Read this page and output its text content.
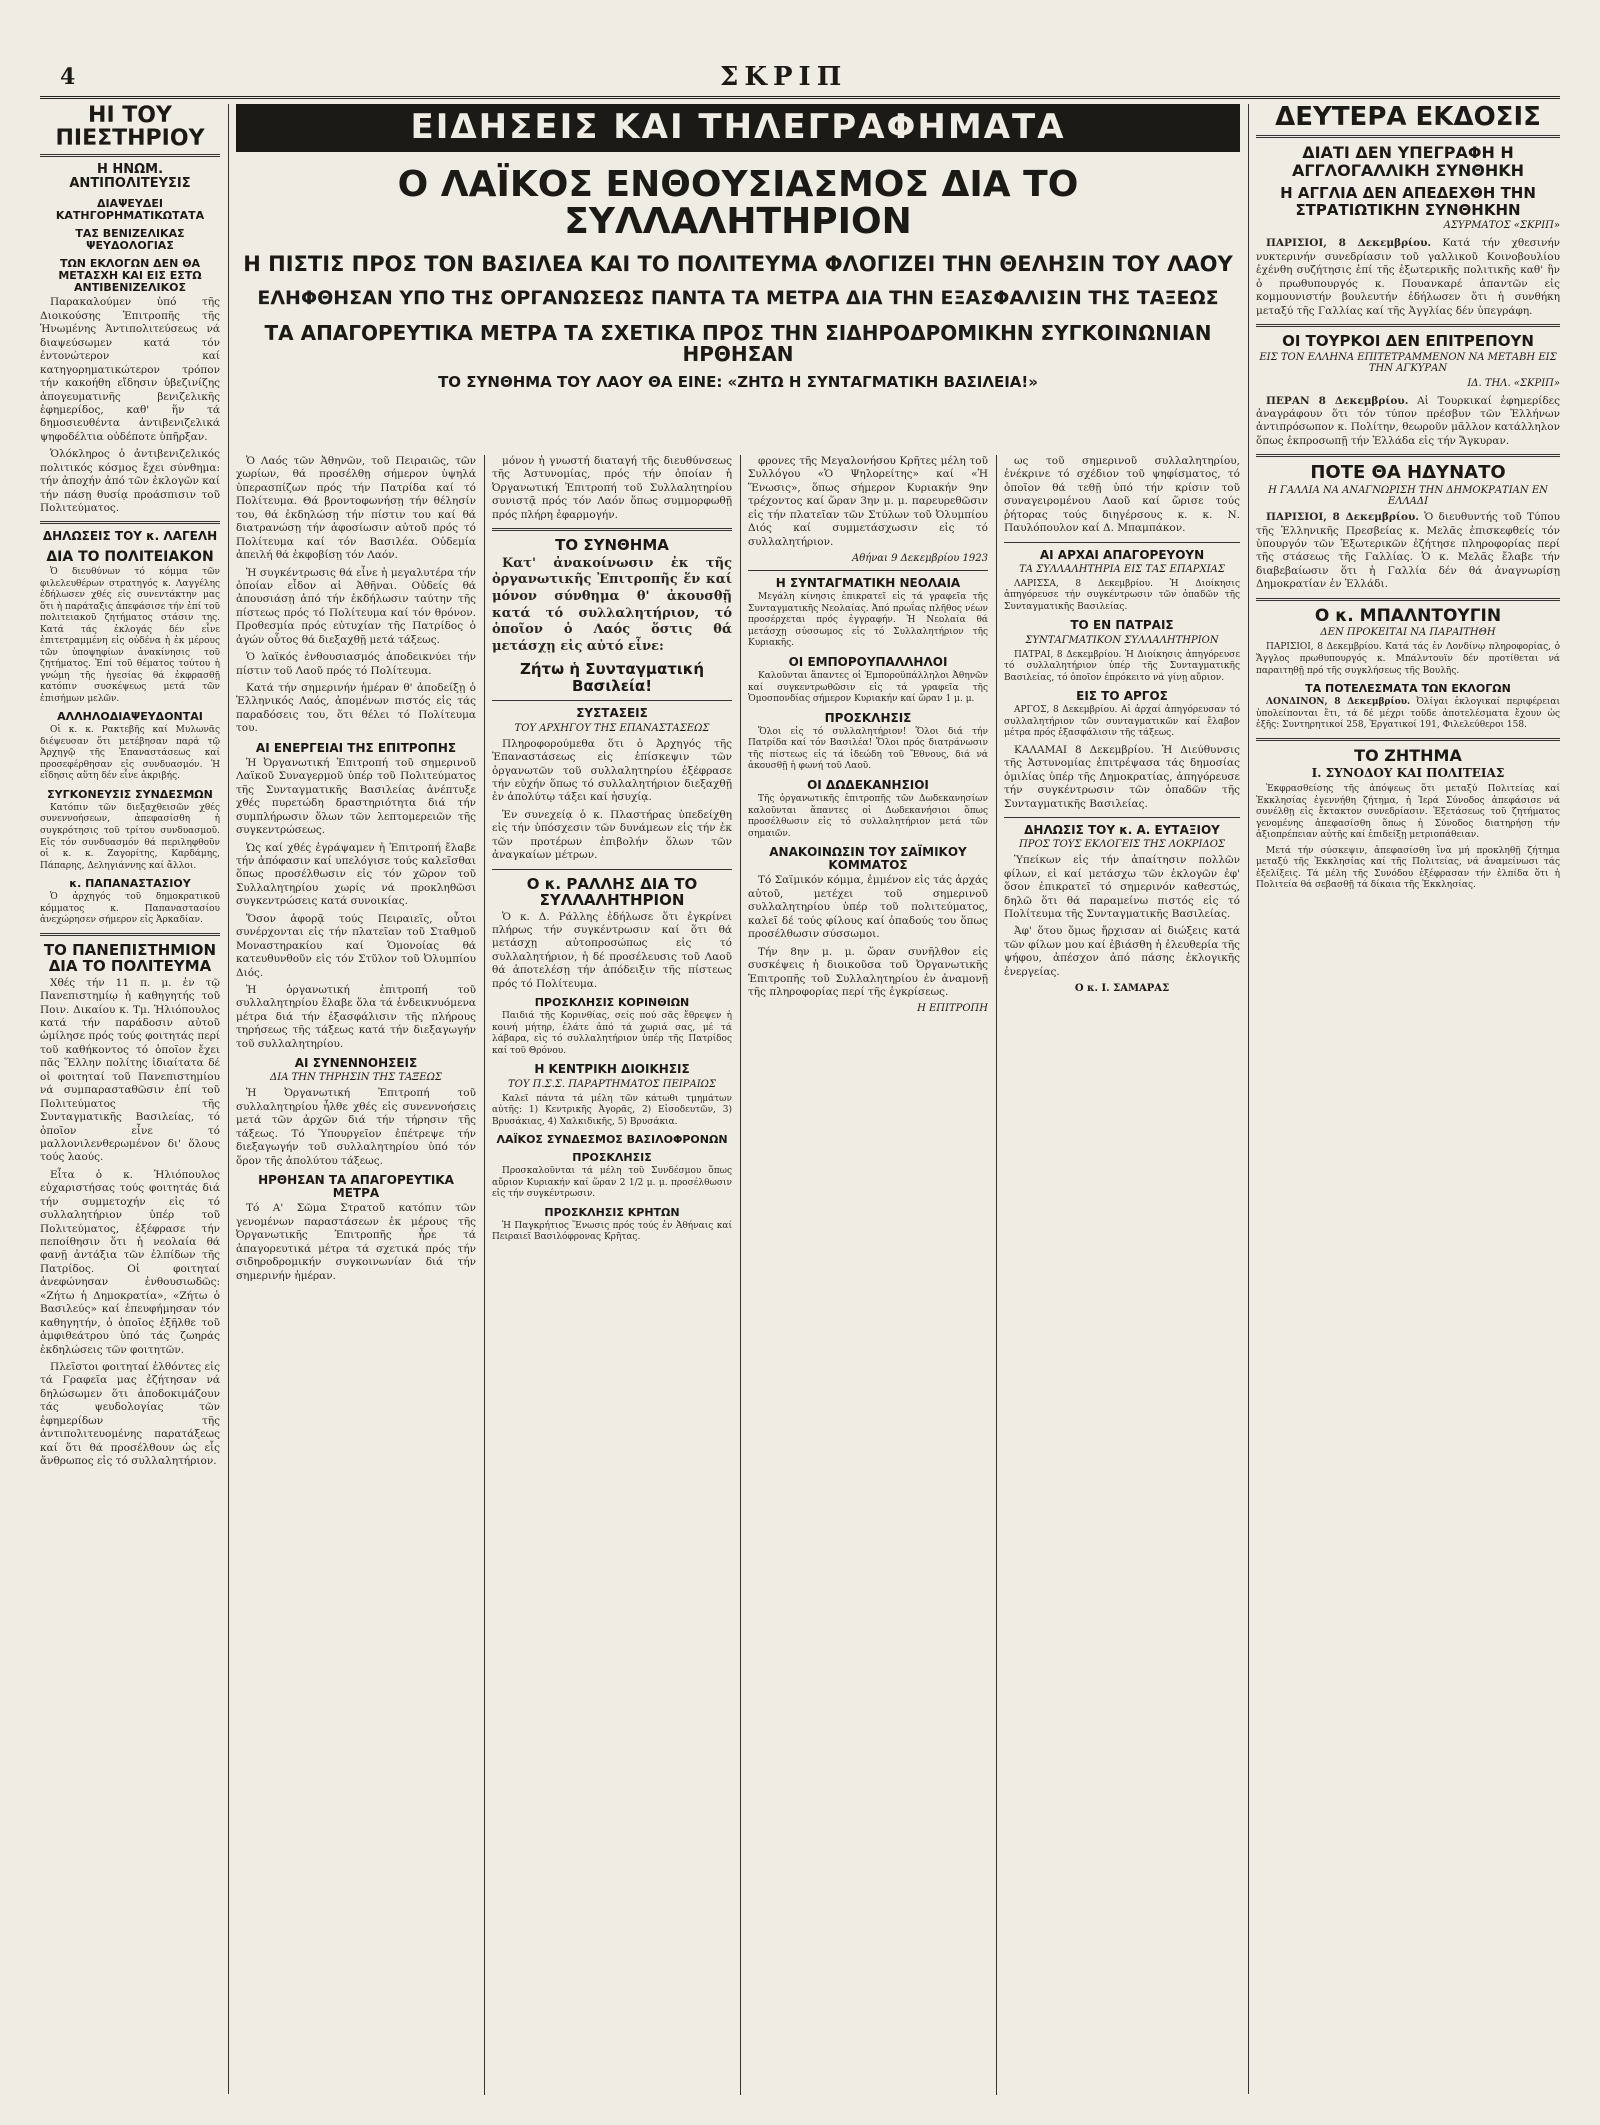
4	ΣΚΡΙΠ
ΗΙ ΤΟΥ ΠΙΕΣΤΗΡΙΟΥ
Η ΗΝΩΜ. ΑΝΤΙΠΟΛΙΤΕΥΣΙΣ
ΔΙΑΨΕΥΔΕΙ ΚΑΤΗΓΟΡΗΜΑΤΙΚΩΤΑΤΑ
ΤΑΣ ΒΕΝΙΖΕΛΙΚΑΣ ΨΕΥΔΟΛΟΓΙΑΣ
ΤΩΝ ΕΚΛΟΓΩΝ ΔΕΝ ΘΑ ΜΕΤΑΣΧΗ ΚΑΙ ΕΙΣ ΕΣΤΩ ΑΝΤΙΒΕΝΙΖΕΛΙΚΟΣ
Παρακαλούμεν ὑπό τῆς Διοικούσης Ἐπιτροπῆς τῆς Ἡνωμένης Ἀντιπολιτεύσεως νά διαψεύσωμεν κατά τόν ἐντονώτερον καί κατηγορηματικώτερον τρόπον τήν κακοήθη εἴδησιν ὑβεζινίζης ἀπογευματινῆς βενιζελικῆς ἐφημερίδος, καθ' ἥν τά δημοσιευθέντα ἀντιβενιζελικά ψηφοδέλτια οὐδέποτε ὑπῆρξαν.
Ὁλόκληρος ὁ ἀντιβενιζελικός πολιτικός κόσμος ἔχει σύνθημα: τήν ἀποχήν ἀπό τῶν ἐκλογῶν καί τήν πάσῃ θυσίᾳ προάσπισιν τοῦ Πολιτεύματος.
ΔΗΛΩΣΕΙΣ ΤΟΥ κ. ΛΑΓΕΛΗ
ΔΙΑ ΤΟ ΠΟΛΙΤΕΙΑΚΟΝ
Ὁ διευθύνων τό κόμμα τῶν φιλελευθέρων στρατηγός κ. Λαγγέλης ἐδήλωσεν χθές εἰς συνεντάκτην μας ὅτι ἡ παράταξις ἀπεφάσισε τήν ἐπί τοῦ πολιτειακοῦ ζητήματος στάσιν της. Κατά τάς ἐκλογάς δέν εἶνε ἐπιτετραμμένη εἰς οὐδένα ἡ ἐκ μέρους τῶν ὑποψηφίων ἀνακίνησις τοῦ ζητήματος. Ἐπί τοῦ θέματος τούτου ἡ γνώμη τῆς ἡγεσίας θά ἐκφρασθῇ κατόπιν συσκέψεως μετά τῶν ἐπισήμων μελῶν.
ΑΛΛΗΛΟΔΙΑΨΕΥΔΟΝΤΑΙ
Οἱ κ. κ. Ρακτεβῆς καί Μυλωνᾶς διέψευσαν ὅτι μετέβησαν παρά τῷ Ἀρχηγῷ τῆς Ἐπαναστάσεως καί προσεφέρθησαν εἰς συνδυασμόν. Ἡ εἴδησις αὕτη δέν εἶνε ἀκριβής.
ΣΥΓΚΟΝΕΥΣΙΣ ΣΥΝΔΕΣΜΩΝ
Κατόπιν τῶν διεξαχθεισῶν χθές συνεννοήσεων, ἀπεφασίσθη ἡ συγκρότησις τοῦ τρίτου συνδυασμοῦ. Εἰς τόν συνδυασμόν θά περιληφθοῦν οἱ κ. κ. Ζαγορίτης, Καρδάμης, Πάπαρης, Δεληγιάννης καί ἄλλοι.
κ. ΠΑΠΑΝΑΣΤΑΣΙΟΥ
Ὁ ἀρχηγός τοῦ δημοκρατικοῦ κόμματος κ. Παπαναστασίου ἀνεχώρησεν σήμερον εἰς Ἀρκαδίαν.
ΤΟ ΠΑΝΕΠΙΣΤΗΜΙΟΝ ΔΙΑ ΤΟ ΠΟΛΙΤΕΥΜΑ
Χθές τήν 11 π. μ. ἐν τῷ Πανεπιστημίῳ ἡ καθηγητής τοῦ Ποιν. Δικαίου κ. Τμ. Ἡλιόπουλος κατά τήν παράδοσιν αὐτοῦ ὡμίλησε πρός τούς φοιτητάς περί τοῦ καθήκοντος τό ὁποῖον ἔχει πᾶς Ἕλλην πολίτης ἰδιαίτατα δέ οἱ φοιτηταί τοῦ Πανεπιστημίου νά συμπαρασταθῶσιν ἐπί τοῦ Πολιτεύματος τῆς Συνταγματικῆς Βασιλείας, τό ὁποῖον εἶνε τό μαλλονιλενθερωμένον δι' ὅλους τούς λαούς.
Εἶτα ὁ κ. Ἡλιόπουλος εὐχαριστήσας τούς φοιτητάς διά τήν συμμετοχήν εἰς τό συλλαλητήριον ὑπέρ τοῦ Πολιτεύματος, ἐξέφρασε τήν πεποίθησιν ὅτι ἡ νεολαία θά φανῇ ἀντάξια τῶν ἐλπίδων τῆς Πατρίδος. Οἱ φοιτηταί ἀνεφώνησαν ἐνθουσιωδῶς: «Ζήτω ἡ Δημοκρατία», «Ζήτω ὁ Βασιλεύς» καί ἐπευφήμησαν τόν καθηγητήν, ὁ ὁποῖος ἐξῆλθε τοῦ ἀμφιθεάτρου ὑπό τάς ζωηράς ἐκδηλώσεις τῶν φοιτητῶν.
Πλεῖστοι φοιτηταί ἐλθόντες εἰς τά Γραφεῖα μας ἐζήτησαν νά δηλώσωμεν ὅτι ἀποδοκιμάζουν τάς ψευδολογίας τῶν ἐφημερίδων τῆς ἀντιπολιτευομένης παρατάξεως καί ὅτι θά προσέλθουν ὡς εἷς ἄνθρωπος εἰς τό συλλαλητήριον.
ΕΙΔΗΣΕΙΣ ΚΑΙ ΤΗΛΕΓΡΑΦΗΜΑΤΑ
Ο ΛΑΪΚΟΣ ΕΝΘΟΥΣΙΑΣΜΟΣ ΔΙΑ ΤΟ ΣΥΛΛΑΛΗΤΗΡΙΟΝ
Η ΠΙΣΤΙΣ ΠΡΟΣ ΤΟΝ ΒΑΣΙΛΕΑ ΚΑΙ ΤΟ ΠΟΛΙΤΕΥΜΑ ΦΛΟΓΙΖΕΙ ΤΗΝ ΘΕΛΗΣΙΝ ΤΟΥ ΛΑΟΥ
ΕΛΗΦΘΗΣΑΝ ΥΠΟ ΤΗΣ ΟΡΓΑΝΩΣΕΩΣ ΠΑΝΤΑ ΤΑ ΜΕΤΡΑ ΔΙΑ ΤΗΝ ΕΞΑΣΦΑΛΙΣΙΝ ΤΗΣ ΤΑΞΕΩΣ
ΤΑ ΑΠΑΓΟΡΕΥΤΙΚΑ ΜΕΤΡΑ ΤΑ ΣΧΕΤΙΚΑ ΠΡΟΣ ΤΗΝ ΣΙΔΗΡΟΔΡΟΜΙΚΗΝ ΣΥΓΚΟΙΝΩΝΙΑΝ ΗΡΘΗΣΑΝ
ΤΟ ΣΥΝΘΗΜΑ ΤΟΥ ΛΑΟΥ ΘΑ ΕΙΝΕ: «ΖΗΤΩ Η ΣΥΝΤΑΓΜΑΤΙΚΗ ΒΑΣΙΛΕΙΑ!»
Ὁ Λαός τῶν Ἀθηνῶν, τοῦ Πειραιῶς, τῶν χωρίων, θά προσέλθῃ σήμερον ὑψηλά ὑπερασπίζων πρός τήν Πατρίδα καί τό Πολίτευμα. Θά βροντοφωνήσῃ τήν θέλησίν του, θά ἐκδηλώσῃ τήν πίστιν του καί θά διατρανώσῃ τήν ἀφοσίωσιν αὐτοῦ πρός τό Πολίτευμα καί τόν Βασιλέα. Οὐδεμία ἀπειλή θά ἐκφοβίσῃ τόν Λαόν.
Ἡ συγκέντρωσις θά εἶνε ἡ μεγαλυτέρα τήν ὁποίαν εἶδον αἱ Ἀθῆναι. Οὐδείς θά ἀπουσιάσῃ ἀπό τήν ἐκδήλωσιν ταύτην τῆς πίστεως πρός τό Πολίτευμα καί τόν θρόνον. Προθεσμία πρός εὐτυχίαν τῆς Πατρίδος ὁ ἀγών οὗτος θά διεξαχθῇ μετά τάξεως.
Ὁ λαϊκός ἐνθουσιασμός ἀποδεικνύει τήν πίστιν τοῦ Λαοῦ πρός τό Πολίτευμα.
Κατά τήν σημερινήν ἡμέραν θ' ἀποδείξῃ ὁ Ἑλληνικός Λαός, ἀπομένων πιστός εἰς τάς παραδόσεις του, ὅτι θέλει τό Πολίτευμα του.
ΑΙ ΕΝΕΡΓΕΙΑΙ ΤΗΣ ΕΠΙΤΡΟΠΗΣ
Ἡ Ὀργανωτική Ἐπιτροπή τοῦ σημερινοῦ Λαϊκοῦ Συναγερμοῦ ὑπέρ τοῦ Πολιτεύματος τῆς Συνταγματικῆς Βασιλείας ἀνέπτυξε χθές πυρετώδη δραστηριότητα διά τήν συμπλήρωσιν ὅλων τῶν λεπτομερειῶν τῆς συγκεντρώσεως.
Ὡς καί χθές ἐγράψαμεν ἡ Ἐπιτροπή ἔλαβε τήν ἀπόφασιν καί υπελόγισε τούς καλεῖσθαι ὅπως προσέλθωσιν εἰς τόν χῶρον τοῦ Συλλαλητηρίου χωρίς νά προκληθῶσι συγκεντρώσεις κατά συνοικίας.
Ὅσον ἀφορᾷ τούς Πειραιεῖς, οὗτοι συνέρχονται εἰς τήν πλατεῖαν τοῦ Σταθμοῦ Μοναστηρακίου καί Ὁμονοίας θά κατευθυνθοῦν εἰς τόν Στῦλον τοῦ Ὀλυμπίου Διός.
Ἡ ὀργανωτική ἐπιτροπή τοῦ συλλαλητηρίου ἔλαβε ὅλα τά ἐνδεικνυόμενα μέτρα διά τήν ἐξασφάλισιν τῆς πλήρους τηρήσεως τῆς τάξεως κατά τήν διεξαγωγήν τοῦ συλλαλητηρίου.
ΑΙ ΣΥΝΕΝΝΟΗΣΕΙΣ
ΔΙΑ ΤΗΝ ΤΗΡΗΣΙΝ ΤΗΣ ΤΑΞΕΩΣ
Ἡ Ὀργανωτική Ἐπιτροπή τοῦ συλλαλητηρίου ἦλθε χθές εἰς συνεννοήσεις μετά τῶν ἀρχῶν διά τήν τήρησιν τῆς τάξεως. Τό Ὑπουργεῖον ἐπέτρεψε τήν διεξαγωγήν τοῦ συλλαλητηρίου ὑπό τόν ὅρον τῆς ἀπολύτου τάξεως.
ΗΡΘΗΣΑΝ ΤΑ ΑΠΑΓΟΡΕΥΤΙΚΑ ΜΕΤΡΑ
Τό Α' Σῶμα Στρατοῦ κατόπιν τῶν γενομένων παραστάσεων ἐκ μέρους τῆς Ὀργανωτικῆς Ἐπιτροπῆς ἦρε τά ἀπαγορευτικά μέτρα τά σχετικά πρός τήν σιδηροδρομικήν συγκοινωνίαν διά τήν σημερινήν ἡμέραν.
μόνον ἡ γνωστή διαταγή τῆς διευθύνσεως τῆς Ἀστυνομίας, πρός τήν ὁποίαν ἡ Ὀργανωτική Ἐπιτροπή τοῦ Συλλαλητηρίου συνιστᾷ πρός τόν Λαόν ὅπως συμμορφωθῇ πρός πλήρη ἐφαρμογήν.
ΤΟ ΣΥΝΘΗΜΑ
Κατ' ἀνακοίνωσιν ἐκ τῆς ὀργανωτικῆς Ἐπιτροπῆς ἕν καί μόνον σύνθημα θ' ἀκουσθῇ κατά τό συλλαλητήριον, τό ὁποῖον ὁ Λαός ὅστις θά μετάσχῃ εἰς αὐτό εἶνε:
Ζήτω ἡ Συνταγματική Βασιλεία!
ΣΥΣΤΑΣΕΙΣ
ΤΟΥ ΑΡΧΗΓΟΥ ΤΗΣ ΕΠΑΝΑΣΤΑΣΕΩΣ
Πληροφορούμεθα ὅτι ὁ Ἀρχηγός τῆς Ἐπαναστάσεως εἰς ἐπίσκεψιν τῶν ὀργανωτῶν τοῦ συλλαλητηρίου ἐξέφρασε τήν εὐχήν ὅπως τό συλλαλητήριον διεξαχθῇ ἐν ἀπολύτῳ τάξει καί ἡσυχίᾳ.
Ἐν συνεχείᾳ ὁ κ. Πλαστήρας ὑπεδείχθη εἰς τήν ὑπόσχεσιν τῶν δυνάμεων εἰς τήν ἐκ τῶν προτέρων ἐπιβολήν ὅλων τῶν ἀναγκαίων μέτρων.
Ο κ. ΡΑΛΛΗΣ ΔΙΑ ΤΟ ΣΥΛΛΑΛΗΤΗΡΙΟΝ
Ὁ κ. Δ. Ράλλης ἐδήλωσε ὅτι ἐγκρίνει πλήρως τήν συγκέντρωσιν καί ὅτι θά μετάσχῃ αὐτοπροσώπως εἰς τό συλλαλητήριον, ἡ δέ προσέλευσις τοῦ Λαοῦ θά ἀποτελέσῃ τήν ἀπόδειξιν τῆς πίστεως πρός τό Πολίτευμα.
ΠΡΟΣΚΛΗΣΙΣ ΚΟΡΙΝΘΙΩΝ
Παιδιά τῆς Κορινθίας, σείς πού σᾶς ἔθρεψεν ἡ κοινή μήτηρ, ἐλάτε ἀπό τά χωριά σας, μέ τά λάβαρα, εἰς τό συλλαλητήριον ὑπέρ τῆς Πατρίδος καί τοῦ Θρόνου.
Η ΚΕΝΤΡΙΚΗ ΔΙΟΙΚΗΣΙΣ
ΤΟΥ Π.Σ.Σ. ΠΑΡΑΡΤΗΜΑΤΟΣ ΠΕΙΡΑΙΩΣ
Καλεῖ πάντα τά μέλη τῶν κάτωθι τμημάτων αὐτῆς: 1) Κεντρικῆς Ἀγορᾶς, 2) Εἰσοδευτῶν, 3) Βρυσάκιας, 4) Χαλκιδικῆς, 5) Βρυσάκια.
ΛΑΪΚΟΣ ΣΥΝΔΕΣΜΟΣ ΒΑΣΙΛΟΦΡΟΝΩΝ
ΠΡΟΣΚΛΗΣΙΣ
Προσκαλοῦνται τά μέλη τοῦ Συνδέσμου ὅπως αὔριον Κυριακήν καί ὥραν 2 1/2 μ. μ. προσέλθωσιν εἰς τήν συγκέντρωσιν.
ΠΡΟΣΚΛΗΣΙΣ ΚΡΗΤΩΝ
Ἡ Παγκρήτιος Ἕνωσις πρός τούς ἐν Ἀθήναις καί Πειραιεῖ Βασιλόφρονας Κρῆτας.
φρονες τῆς Μεγαλονήσου Κρῆτες μέλη τοῦ Συλλόγου «Ὁ Ψηλορείτης» καί «Ἡ Ἕνωσις», ὅπως σήμερον Κυριακήν 9ην τρέχοντος καί ὥραν 3ην μ. μ. παρευρεθῶσιν εἰς τήν πλατεῖαν τῶν Στύλων τοῦ Ὀλυμπίου Διός καί συμμετάσχωσιν εἰς τό συλλαλητήριον.
Αθήναι 9 Δεκεμβρίου 1923
Η ΣΥΝΤΑΓΜΑΤΙΚΗ ΝΕΟΛΑΙΑ
Μεγάλη κίνησις ἐπικρατεῖ εἰς τά γραφεῖα τῆς Συνταγματικῆς Νεολαίας. Ἀπό πρωΐας πλῆθος νέων προσέρχεται πρός ἐγγραφήν. Ἡ Νεολαία θά μετάσχῃ σύσσωμος εἰς τό Συλλαλητήριον τῆς Κυριακῆς.
ΟΙ ΕΜΠΟΡΟΥΠΑΛΛΗΛΟΙ
Καλοῦνται ἅπαντες οἱ Ἐμποροϋπάλληλοι Ἀθηνῶν καί συγκεντρωθῶσιν εἰς τά γραφεῖα τῆς Ὁμοσπονδίας σήμερον Κυριακήν καί ὥραν 1 μ. μ.
ΠΡΟΣΚΛΗΣΙΣ
Ὅλοι εἰς τό συλλαλητήριον! Ὅλοι διά τήν Πατρίδα καί τόν Βασιλέα! Ὅλοι πρός διατράνωσιν τῆς πίστεως εἰς τά ἰδεώδη τοῦ Ἔθνους, διά νά ἀκουσθῇ ἡ φωνή τοῦ Λαοῦ.
ΟΙ ΔΩΔΕΚΑΝΗΣΙΟΙ
Τῆς ὀργανωτικῆς ἐπιτροπῆς τῶν Δωδεκανησίων καλοῦνται ἅπαντες οἱ Δωδεκανήσιοι ὅπως προσέλθωσιν εἰς τό συλλαλητήριον μετά τῶν σημαιῶν.
ΑΝΑΚΟΙΝΩΣΙΝ ΤΟΥ ΣΑΪΜΙΚΟΥ ΚΟΜΜΑΤΟΣ
Τό Σαϊμικόν κόμμα, ἐμμένον εἰς τάς ἀρχάς αὐτοῦ, μετέχει τοῦ σημερινοῦ συλλαλητηρίου ὑπέρ τοῦ πολιτεύματος, καλεῖ δέ τούς φίλους καί ὀπαδούς του ὅπως προσέλθωσιν σύσσωμοι.
Τήν 8ην μ. μ. ὥραν συνῆλθον εἰς συσκέψεις ἡ διοικοῦσα τοῦ Ὀργανωτικῆς Ἐπιτροπῆς τοῦ Συλλαλητηρίου ἐν ἀναμονῇ τῆς πληροφορίας περί τῆς ἐγκρίσεως.
Η ΕΠΙΤΡΟΠΗ
ως τοῦ σημερινοῦ συλλαλητηρίου, ἐνέκρινε τό σχέδιον τοῦ ψηφίσματος, τό ὁποῖον θά τεθῇ ὑπό τήν κρίσιν τοῦ συναγειρομένου Λαοῦ καί ὥρισε τούς ῥήτορας τούς διηγέρσους κ. κ. Ν. Παυλόπουλον καί Δ. Μπαμπάκον.
ΑΙ ΑΡΧΑΙ ΑΠΑΓΟΡΕΥΟΥΝ
ΤΑ ΣΥΛΛΑΛΗΤΗΡΙΑ ΕΙΣ ΤΑΣ ΕΠΑΡΧΙΑΣ
ΛΑΡΙΣΣΑ, 8 Δεκεμβρίου. Ἡ Διοίκησις ἀπηγόρευσε τήν συγκέντρωσιν τῶν ὀπαδῶν τῆς Συνταγματικῆς Βασιλείας.
ΤΟ ΕΝ ΠΑΤΡΑΙΣ
ΣΥΝΤΑΓΜΑΤΙΚΟΝ ΣΥΛΛΑΛΗΤΗΡΙΟΝ
ΠΑΤΡΑΙ, 8 Δεκεμβρίου. Ἡ Διοίκησις ἀπηγόρευσε τό συλλαλητήριον ὑπέρ τῆς Συνταγματικῆς Βασιλείας, τό ὁποῖον ἐπρόκειτο νά γίνῃ αὔριον.
ΕΙΣ ΤΟ ΑΡΓΟΣ
ΑΡΓΟΣ, 8 Δεκεμβρίου. Αἱ ἀρχαί ἀπηγόρευσαν τό συλλαλητήριον τῶν συνταγματικῶν καί ἔλαβον μέτρα πρός ἐξασφάλισιν τῆς τάξεως.
ΚΑΛΑΜΑΙ 8 Δεκεμβρίου. Ἡ Διεύθυνσις τῆς Ἀστυνομίας ἐπιτρέψασα τάς δημοσίας ὁμιλίας ὑπέρ τῆς Δημοκρατίας, ἀπηγόρευσε τήν συγκέντρωσιν τῶν ὁπαδῶν τῆς Συνταγματικῆς Βασιλείας.
ΔΗΛΩΣΙΣ ΤΟΥ κ. Α. ΕΥΤΑΞΙΟΥ
ΠΡΟΣ ΤΟΥΣ ΕΚΛΟΓΕΙΣ ΤΗΣ ΛΟΚΡΙΔΟΣ
Ὑπείκων εἰς τήν ἀπαίτησιν πολλῶν φίλων, εἰ καί μετάσχω τῶν ἐκλογῶν ἐφ' ὅσον ἐπικρατεῖ τό σημερινόν καθεστώς, δηλῶ ὅτι θά παραμείνω πιστός εἰς τό Πολίτευμα τῆς Συνταγματικῆς Βασιλείας.
Ἀφ' ὅτου ὅμως ἤρχισαν αἱ διώξεις κατά τῶν φίλων μου καί ἐβιάσθη ἡ ἐλευθερία τῆς ψήφου, ἀπέσχον ἀπό πάσης ἐκλογικῆς ἐνεργείας.
Ο κ. Ι. ΣΑΜΑΡΑΣ
ΔΕΥΤΕΡΑ ΕΚΔΟΣΙΣ
ΔΙΑΤΙ ΔΕΝ ΥΠΕΓΡΑΦΗ Η ΑΓΓΛΟΓΑΛΛΙΚΗ ΣΥΝΘΗΚΗ
Η ΑΓΓΛΙΑ ΔΕΝ ΑΠΕΔΕΧΘΗ ΤΗΝ ΣΤΡΑΤΙΩΤΙΚΗΝ ΣΥΝΘΗΚΗΝ
ΑΣΥΡΜΑΤΟΣ «ΣΚΡΙΠ»
ΠΑΡΙΣΙΟΙ, 8 Δεκεμβρίου. Κατά τήν χθεσινήν νυκτερινήν συνεδρίασιν τοῦ γαλλικοῦ Κοινοβουλίου ἐχένθη συζήτησις ἐπί τῆς ἐξωτερικῆς πολιτικῆς καθ' ἣν ὁ πρωθυπουργός κ. Πουανκαρέ ἀπαντῶν εἰς κομμουνιστήν βουλευτήν ἐδήλωσεν ὅτι ἡ συνθήκη μεταξύ τῆς Γαλλίας καί τῆς Ἀγγλίας δέν ὑπεγράφη.
ΟΙ ΤΟΥΡΚΟΙ ΔΕΝ ΕΠΙΤΡΕΠΟΥΝ
ΕΙΣ ΤΟΝ ΕΛΛΗΝΑ ΕΠΙΤΕΤΡΑΜΜΕΝΟΝ ΝΑ ΜΕΤΑΒΗ ΕΙΣ ΤΗΝ ΑΓΚΥΡΑΝ
ΙΔ. ΤΗΛ. «ΣΚΡΙΠ»
ΠΕΡΑΝ 8 Δεκεμβρίου. Αἱ Τουρκικαί ἐφημερίδες ἀναγράφουν ὅτι τόν τύπον πρέσβυν τῶν Ἑλλήνων ἀντιπρόσωπον κ. Πολίτην, θεωροῦν μᾶλλον κατάλληλον ὅπως ἐκπροσωπῇ τήν Ἑλλάδα εἰς τήν Ἄγκυραν.
ΠΟΤΕ ΘΑ ΗΔΥΝΑΤΟ
Η ΓΑΛΛΙΑ ΝΑ ΑΝΑΓΝΩΡΙΣΗ ΤΗΝ ΔΗΜΟΚΡΑΤΙΑΝ ΕΝ ΕΛΛΑΔΙ
ΠΑΡΙΣΙΟΙ, 8 Δεκεμβρίου. Ὁ διευθυντής τοῦ Τύπου τῆς Ἑλληνικῆς Πρεσβείας κ. Μελᾶς ἐπισκεφθείς τόν ὑπουργόν τῶν Ἐξωτερικῶν ἐζήτησε πληροφορίας περί τῆς στάσεως τῆς Γαλλίας. Ὁ κ. Μελᾶς ἔλαβε τήν διαβεβαίωσιν ὅτι ἡ Γαλλία δέν θά ἀναγνωρίσῃ Δημοκρατίαν ἐν Ἑλλάδι.
Ο κ. ΜΠΑΛΝΤΟΥΓΙΝ
ΔΕΝ ΠΡΟΚΕΙΤΑΙ ΝΑ ΠΑΡΑΙΤΗΘΗ
ΠΑΡΙΣΙΟΙ, 8 Δεκεμβρίου. Κατά τάς ἐν Λονδίνῳ πληροφορίας, ὁ Ἄγγλος πρωθυπουργός κ. Μπάλντουϊν δέν προτίθεται νά παραιτηθῇ πρό τῆς συγκλήσεως τῆς Βουλῆς.
ΤΑ ΠΟΤΕΛΕΣΜΑΤΑ ΤΩΝ ΕΚΛΟΓΩΝ
ΛΟΝΔΙΝΟΝ, 8 Δεκεμβρίου. Ὀλίγαι ἐκλογικαί περιφέρειαι ὑπολείπονται ἔτι, τά δέ μέχρι τοῦδε ἀποτελέσματα ἔχουν ὡς ἑξῆς: Συντηρητικοί 258, Ἐργατικοί 191, Φιλελεύθεροι 158.
ΤΟ ΖΗΤΗΜΑ
Ι. ΣΥΝΟΔΟΥ ΚΑΙ ΠΟΛΙΤΕΙΑΣ
Ἐκφρασθείσης τῆς ἀπόψεως ὅτι μεταξύ Πολιτείας καί Ἐκκλησίας ἐγεννήθη ζήτημα, ἡ Ἱερά Σύνοδος ἀπεφάσισε νά συνέλθῃ εἰς ἔκτακτον συνεδρίασιν. Ἐξετάσεως τοῦ ζητήματος γενομένης ἀπεφασίσθη ὅπως ἡ Σύνοδος διατηρήσῃ τήν ἀξιοπρέπειαν αὐτῆς καί ἐπιδείξῃ μετριοπάθειαν.
Μετά τήν σύσκεψιν, ἀπεφασίσθη ἵνα μή προκληθῇ ζήτημα μεταξύ τῆς Ἐκκλησίας καί τῆς Πολιτείας, νά ἀναμείνωσι τάς ἐξελίξεις. Τά μέλη τῆς Συνόδου ἐξέφρασαν τήν ἐλπίδα ὅτι ἡ Πολιτεία θά σεβασθῇ τά δίκαια τῆς Ἐκκλησίας.
